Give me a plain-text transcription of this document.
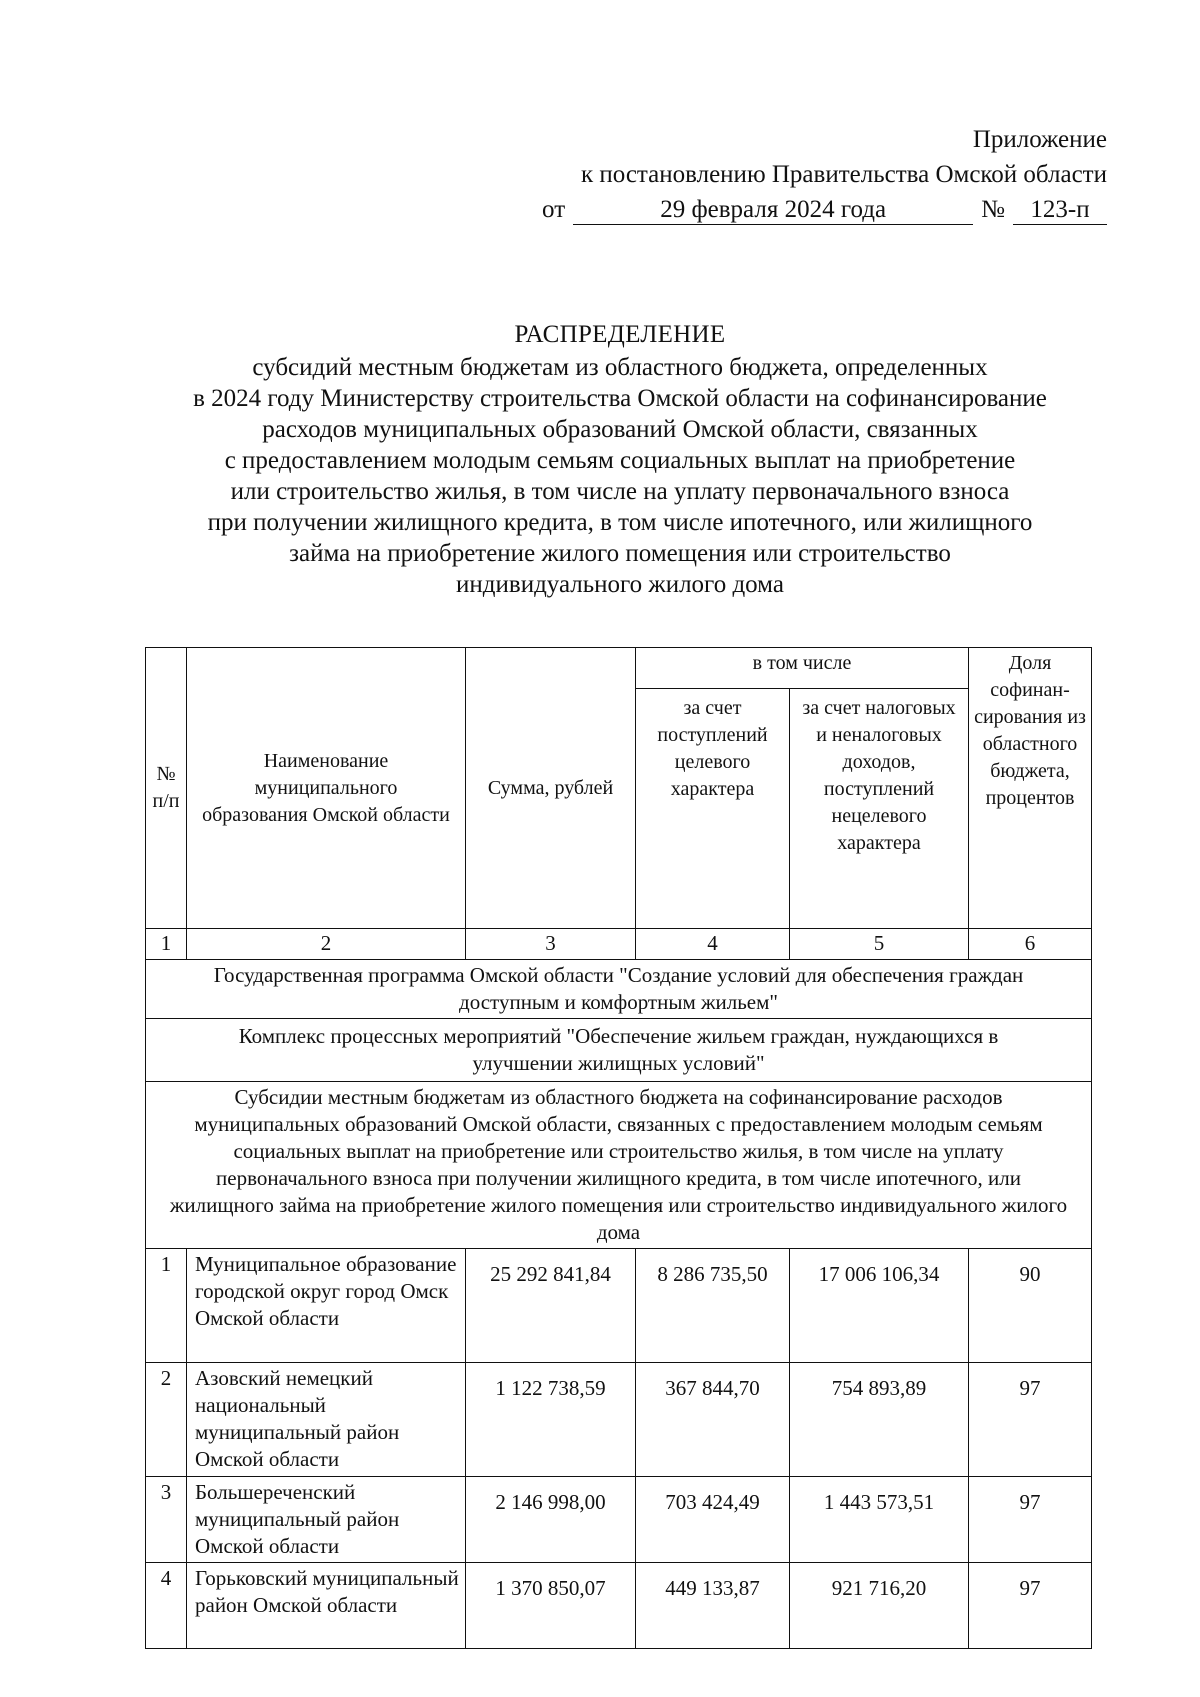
Приложение
к постановлению Правительства Омской области
от	29 февраля 2024 года	№	123-п
РАСПРЕДЕЛЕНИЕ
субсидий местным бюджетам из областного бюджета, определенных
в 2024 году Министерству строительства Омской области на софинансирование
расходов муниципальных образований Омской области, связанных
с предоставлением молодым семьям социальных выплат на приобретение
или строительство жилья, в том числе на уплату первоначального взноса
при получении жилищного кредита, в том числе ипотечного, или жилищного
займа на приобретение жилого помещения или строительство
индивидуального жилого дома
№ п/п	Наименование муниципального образования Омской области	Сумма, рублей	в том числе		Доля софинан-сирования из областного бюджета, процентов
			за счет поступлений целевого характера	за счет налоговых и неналоговых доходов, поступлений нецелевого характера	
1	2	3	4	5	6
Государственная программа Омской области "Создание условий для обеспечения граждан доступным и комфортным жильем"					
Комплекс процессных мероприятий "Обеспечение жильем граждан, нуждающихся в улучшении жилищных условий"					
Субсидии местным бюджетам из областного бюджета на софинансирование расходов муниципальных образований Омской области, связанных с предоставлением молодым семьям социальных выплат на приобретение или строительство жилья, в том числе на уплату первоначального взноса при получении жилищного кредита, в том числе ипотечного, или жилищного займа на приобретение жилого помещения или строительство индивидуального жилого дома					
1	Муниципальное образование городской округ город Омск Омской области	25 292 841,84	8 286 735,50	17 006 106,34	90
2	Азовский немецкий национальный муниципальный район Омской области	1 122 738,59	367 844,70	754 893,89	97
3	Большереченский муниципальный район Омской области	2 146 998,00	703 424,49	1 443 573,51	97
4	Горьковский муниципальный район Омской области	1 370 850,07	449 133,87	921 716,20	97
